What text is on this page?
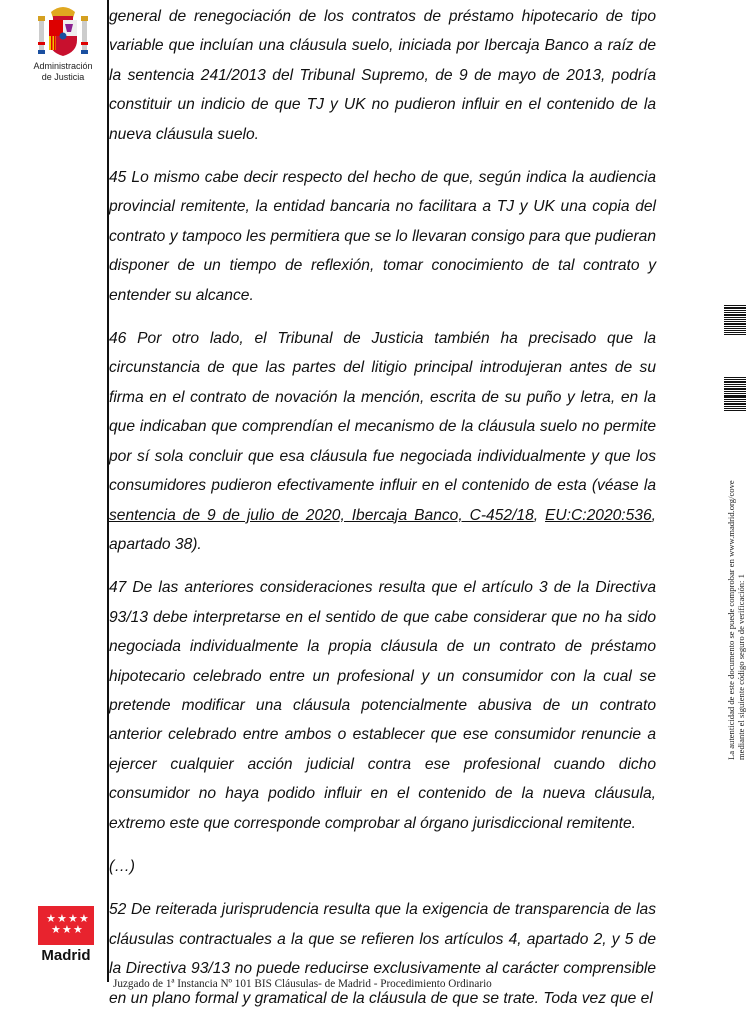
Administración
de Justicia

general de renegociación de los contratos de préstamo hipotecario de tipo variable que incluían una cláusula suelo, iniciada por Ibercaja Banco a raíz de la sentencia 241/2013 del Tribunal Supremo, de 9 de mayo de 2013, podría constituir un indicio de que TJ y UK no pudieron influir en el contenido de la nueva cláusula suelo.

45 Lo mismo cabe decir respecto del hecho de que, según indica la audiencia provincial remitente, la entidad bancaria no facilitara a TJ y UK una copia del contrato y tampoco les permitiera que se lo llevaran consigo para que pudieran disponer de un tiempo de reflexión, tomar conocimiento de tal contrato y entender su alcance.

46 Por otro lado, el Tribunal de Justicia también ha precisado que la circunstancia de que las partes del litigio principal introdujeran antes de su firma en el contrato de novación la mención, escrita de su puño y letra, en la que indicaban que comprendían el mecanismo de la cláusula suelo no permite por sí sola concluir que esa cláusula fue negociada individualmente y que los consumidores pudieron efectivamente influir en el contenido de esta (véase la sentencia de 9 de julio de 2020, Ibercaja Banco, C-452/18, EU:C:2020:536, apartado 38).

47 De las anteriores consideraciones resulta que el artículo 3 de la Directiva 93/13 debe interpretarse en el sentido de que cabe considerar que no ha sido negociada individualmente la propia cláusula de un contrato de préstamo hipotecario celebrado entre un profesional y un consumidor con la cual se pretende modificar una cláusula potencialmente abusiva de un contrato anterior celebrado entre ambos o establecer que ese consumidor renuncie a ejercer cualquier acción judicial contra ese profesional cuando dicho consumidor no haya podido influir en el contenido de la nueva cláusula, extremo este que corresponde comprobar al órgano jurisdiccional remitente.

(…)

52 De reiterada jurisprudencia resulta que la exigencia de transparencia de las cláusulas contractuales a la que se refieren los artículos 4, apartado 2, y 5 de la Directiva 93/13 no puede reducirse exclusivamente al carácter comprensible en un plano formal y gramatical de la cláusula de que se trate. Toda vez que el

★ ★ ★ ★
★ ★ ★
Madrid
Juzgado de 1ª Instancia Nº 101 BIS Cláusulas- de Madrid - Procedimiento Ordinario
La autenticidad de este documento se puede comprobar en www.madrid.org/cove mediante el siguiente código seguro de verificación: 1
